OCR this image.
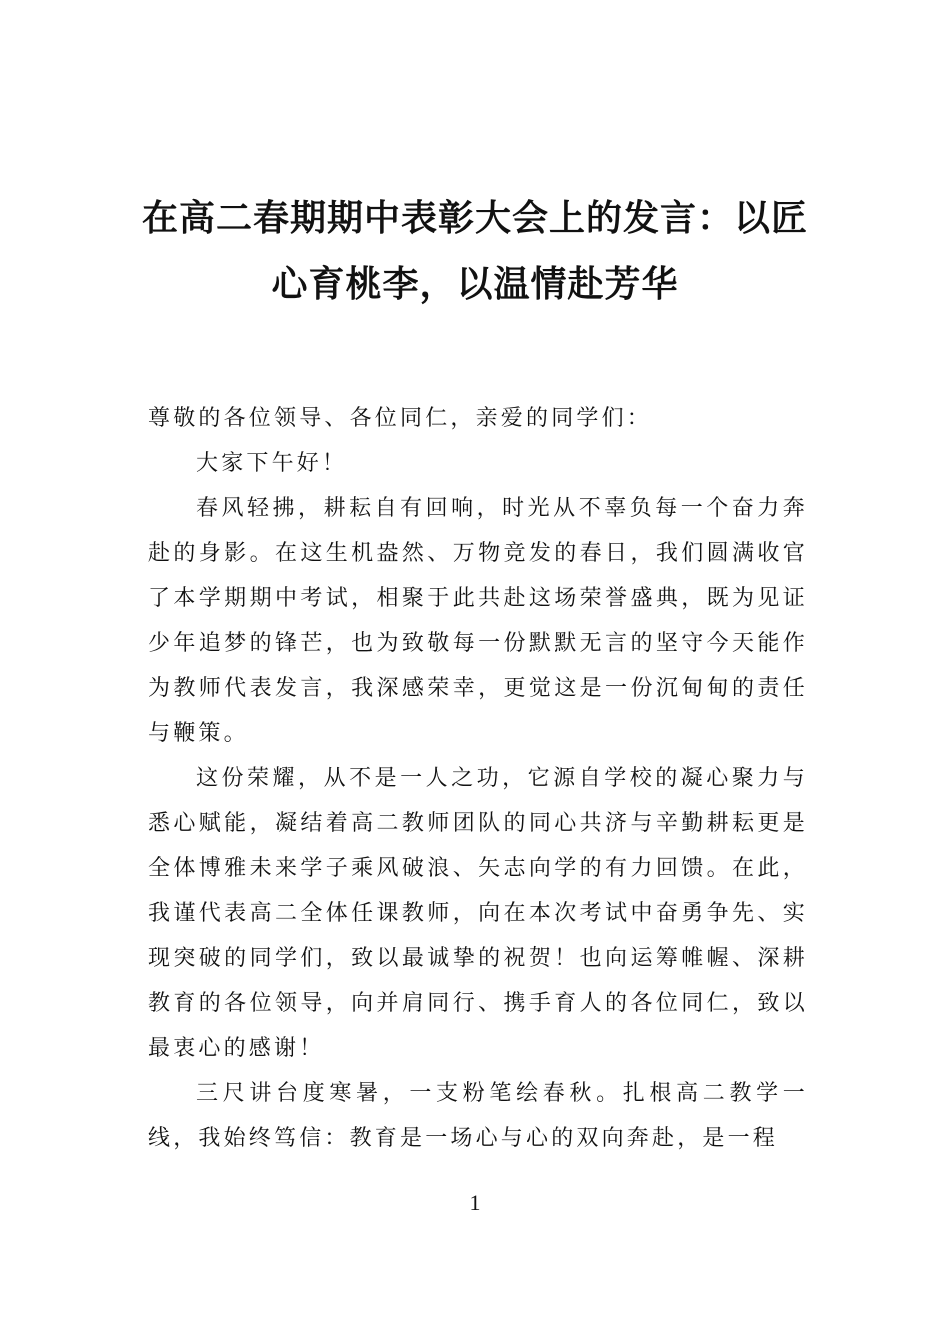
在高二春期期中表彰大会上的发言：以匠
心育桃李，以温情赴芳华

尊敬的各位领导、各位同仁，亲爱的同学们：

大家下午好！

春风轻拂，耕耘自有回响，时光从不辜负每一个奋力奔赴的身影。在这生机盎然、万物竞发的春日，我们圆满收官了本学期期中考试，相聚于此共赴这场荣誉盛典，既为见证少年追梦的锋芒，也为致敬每一份默默无言的坚守今天能作为教师代表发言，我深感荣幸，更觉这是一份沉甸甸的责任与鞭策。

这份荣耀，从不是一人之功，它源自学校的凝心聚力与悉心赋能，凝结着高二教师团队的同心共济与辛勤耕耘更是全体博雅未来学子乘风破浪、矢志向学的有力回馈。在此，我谨代表高二全体任课教师，向在本次考试中奋勇争先、实现突破的同学们，致以最诚挚的祝贺！也向运筹帷幄、深耕教育的各位领导，向并肩同行、携手育人的各位同仁，致以最衷心的感谢！

三尺讲台度寒暑，一支粉笔绘春秋。扎根高二教学一线，我始终笃信：教育是一场心与心的双向奔赴，是一程

1
